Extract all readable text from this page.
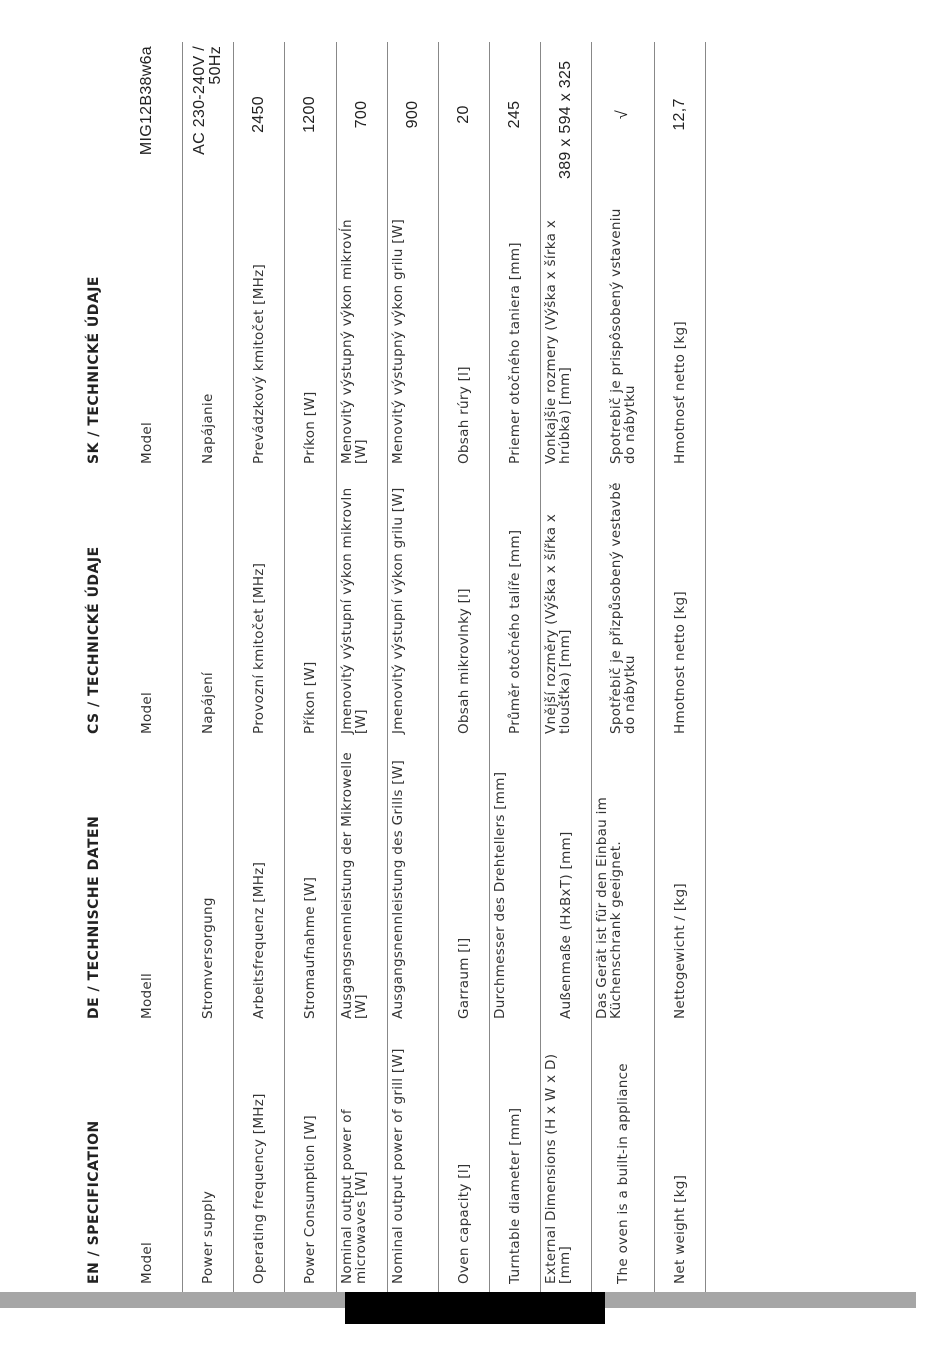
EN / SPECIFICATION
DE / TECHNISCHE DATEN
CS / TECHNICKÉ ÚDAJE
SK / TECHNICKÉ ÚDAJE
Model
Modell
Model
Model
MIG12B38w6a
Power supply
Stromversorgung
Napájení
Napájanie
AC 230-240V / 50Hz
Operating frequency [MHz]
Arbeitsfrequenz [MHz]
Provozní kmitočet [MHz]
Prevádzkový kmitočet [MHz]
2450
Power Consumption [W]
Stromaufnahme [W]
Příkon [W]
Príkon [W]
1200
Nominal output power of microwaves [W]
Ausgangsnennleistung der Mikrowelle [W]
Jmenovitý výstupní výkon mikrovln [W]
Menovitý výstupný výkon mikrovĺn [W]
700
Nominal output power of grill [W]
Ausgangsnennleistung des Grills [W]
Jmenovitý výstupní výkon grilu [W]
Menovitý výstupný výkon grilu [W]
900
Oven capacity [l]
Garraum [l]
Obsah mikrovlnky [l]
Obsah rúry [l]
20
Turntable diameter [mm]
Durchmesser des Drehtellers [mm]
Průměr otočného talíře [mm]
Priemer otočného taniera [mm]
245
External Dimensions (H x W x D) [mm]
Außenmaße (HxBxT) [mm]
Vnější rozměry (Výška x šířka x tloušťka) [mm]
Vonkajšie rozmery (Výška x šírka x hrúbka) [mm]
389 x 594 x 325
The oven is a built-in appliance
Das Gerät ist für den Einbau im Küchenschrank geeignet.
Spotřebič je přizpůsobený vestavbě do nábytku
Spotrebič je prispôsobený vstaveniu do nábytku
√
Net weight [kg]
Nettogewicht / [kg]
Hmotnost netto [kg]
Hmotnosť netto [kg]
12,7
